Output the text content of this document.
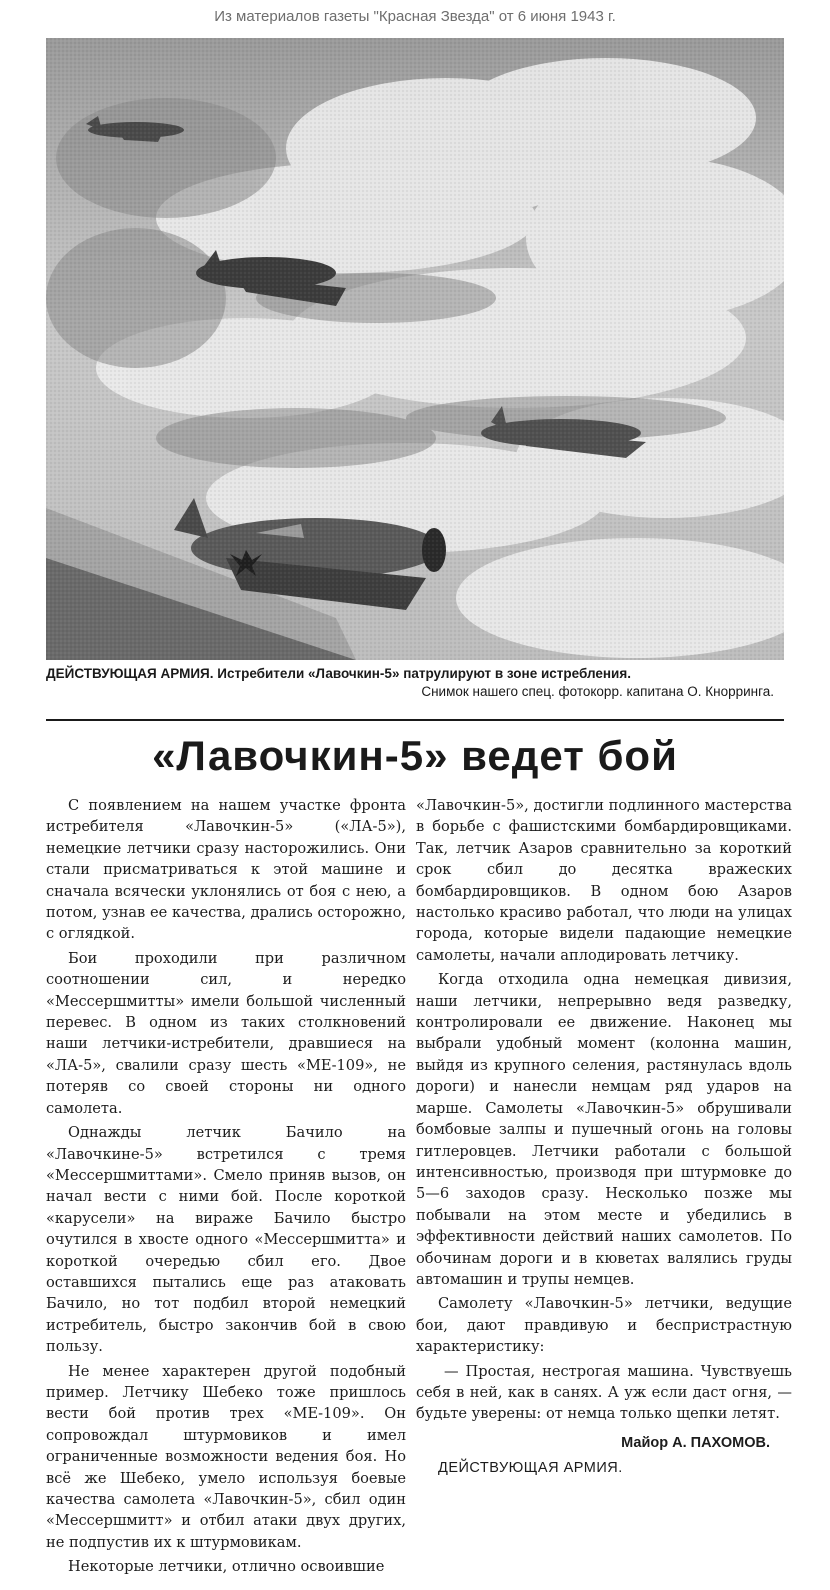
Из материалов газеты "Красная Звезда" от 6 июня 1943 г.
ДЕЙСТВУЮЩАЯ АРМИЯ. Истребители «Лавочкин-5» патрулируют в зоне истребления.
Снимок нашего спец. фотокорр. капитана О. Кнорринга.
«Лавочкин-5» ведет бой

С появлением на нашем участке фронта истребителя «Лавочкин-5» («ЛА-5»), немецкие летчики сразу насторожились. Они стали присматриваться к этой машине и сначала всячески уклонялись от боя с нею, а потом, узнав ее качества, дрались осторожно, с оглядкой.

Бои проходили при различном соотношении сил, и нередко «Мессершмитты» имели большой численный перевес. В одном из таких столкновений наши летчики-истребители, дравшиеся на «ЛА-5», свалили сразу шесть «МЕ-109», не потеряв со своей стороны ни одного самолета.

Однажды летчик Бачило на «Лавочкине-5» встретился с тремя «Мессершмиттами». Смело приняв вызов, он начал вести с ними бой. После короткой «карусели» на вираже Бачило быстро очутился в хвосте одного «Мессершмитта» и короткой очередью сбил его. Двое оставшихся пытались еще раз атаковать Бачило, но тот подбил второй немецкий истребитель, быстро закончив бой в свою пользу.

Не менее характерен другой подобный пример. Летчику Шебеко тоже пришлось вести бой против трех «МЕ-109». Он сопровождал штурмовиков и имел ограниченные возможности ведения боя. Но всё же Шебеко, умело используя боевые качества самолета «Лавочкин-5», сбил один «Мессершмитт» и отбил атаки двух других, не подпустив их к штурмовикам.

Некоторые летчики, отлично освоившие

«Лавочкин-5», достигли подлинного мастерства в борьбе с фашистскими бомбардировщиками. Так, летчик Азаров сравнительно за короткий срок сбил до десятка вражеских бомбардировщиков. В одном бою Азаров настолько красиво работал, что люди на улицах города, которые видели падающие немецкие самолеты, начали аплодировать летчику.

Когда отходила одна немецкая дивизия, наши летчики, непрерывно ведя разведку, контролировали ее движение. Наконец мы выбрали удобный момент (колонна машин, выйдя из крупного селения, растянулась вдоль дороги) и нанесли немцам ряд ударов на марше. Самолеты «Лавочкин-5» обрушивали бомбовые залпы и пушечный огонь на головы гитлеровцев. Летчики работали с большой интенсивностью, производя при штурмовке до 5—6 заходов сразу. Несколько позже мы побывали на этом месте и убедились в эффективности действий наших самолетов. По обочинам дороги и в кюветах валялись груды автомашин и трупы немцев.

Самолету «Лавочкин-5» летчики, ведущие бои, дают правдивую и беспристрастную характеристику:

— Простая, нестрогая машина. Чувствуешь себя в ней, как в санях. А уж если даст огня, — будьте уверены: от немца только щепки летят.

Майор А. ПАХОМОВ.
ДЕЙСТВУЮЩАЯ АРМИЯ.
